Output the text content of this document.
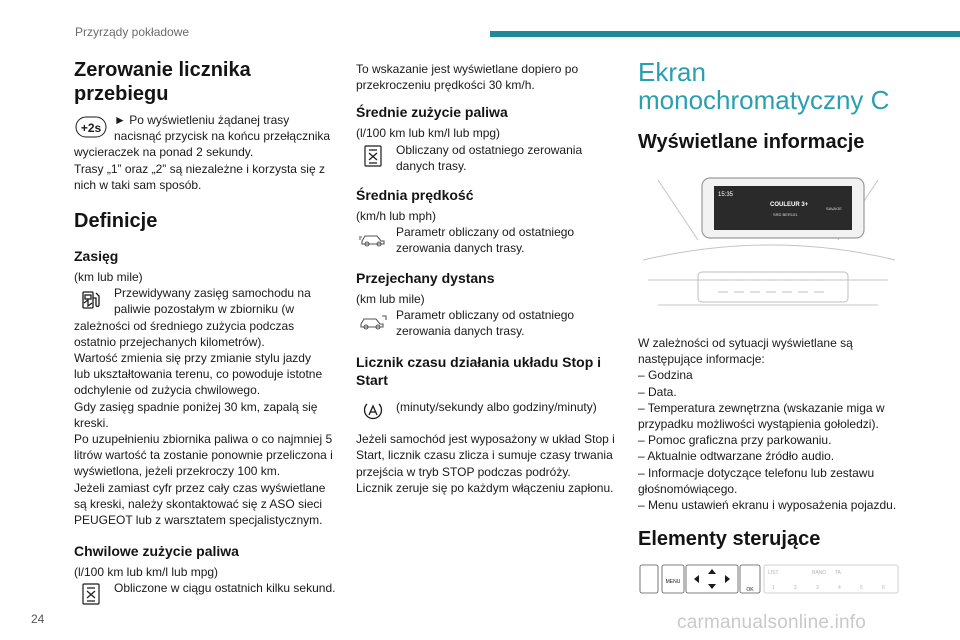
Przyrządy pokładowe
Zerowanie licznika przebiegu
+2s
► Po wyświetleniu żądanej trasy
nacisnąć przycisk na końcu przełącznika
wycieraczek na ponad 2 sekundy.
Trasy „1” oraz „2” są niezależne i korzysta się z
nich w taki sam sposób.
Definicje
Zasięg
(km lub mile)
Przewidywany zasięg samochodu na
paliwie pozostałym w zbiorniku (w
zależności od średniego zużycia podczas
ostatnio przejechanych kilometrów).
Wartość zmienia się przy zmianie stylu jazdy
lub ukształtowania terenu, co powoduje istotne
odchylenie od zużycia chwilowego.
Gdy zasięg spadnie poniżej 30 km, zapalą się
kreski.
Po uzupełnieniu zbiornika paliwa o co najmniej 5
litrów wartość ta zostanie ponownie przeliczona i
wyświetlona, jeżeli przekroczy 100 km.
Jeżeli zamiast cyfr przez cały czas wyświetlane
są kreski, należy skontaktować się z ASO sieci
PEUGEOT lub z warsztatem specjalistycznym.
Chwilowe zużycie paliwa
(l/100 km lub km/l lub mpg)
Obliczone w ciągu ostatnich kilku sekund.
To wskazanie jest wyświetlane dopiero po
przekroczeniu prędkości 30 km/h.
Średnie zużycie paliwa
(l/100 km lub km/l lub mpg)
Obliczany od ostatniego zerowania
danych trasy.
Średnia prędkość
(km/h lub mph)
Parametr obliczany od ostatniego
zerowania danych trasy.
Przejechany dystans
(km lub mile)
Parametr obliczany od ostatniego
zerowania danych trasy.
Licznik czasu działania układu Stop i Start
(minuty/sekundy albo godziny/minuty)
Jeżeli samochód jest wyposażony w układ Stop i
Start, licznik czasu zlicza i sumuje czasy trwania
przejścia w tryb STOP podczas podróży.
Licznik zeruje się po każdym włączeniu zapłonu.
Ekran monochromatyczny C
Wyświetlane informacje
15:35
COULEUR 3+
SRD BER101
SAVAGE
W zależności od sytuacji wyświetlane są
następujące informacje:
– Godzina
– Data.
– Temperatura zewnętrzna (wskazanie miga w
przypadku możliwości wystąpienia gołoledzi).
– Pomoc graficzna przy parkowaniu.
– Aktualnie odtwarzane źródło audio.
– Informacje dotyczące telefonu lub zestawu
głośnomówiącego.
– Menu ustawień ekranu i wyposażenia pojazdu.
Elementy sterujące
MENU
OK
LIST	BAND TA
1	2	3	4	5	6
24	carmanualsonline.info
